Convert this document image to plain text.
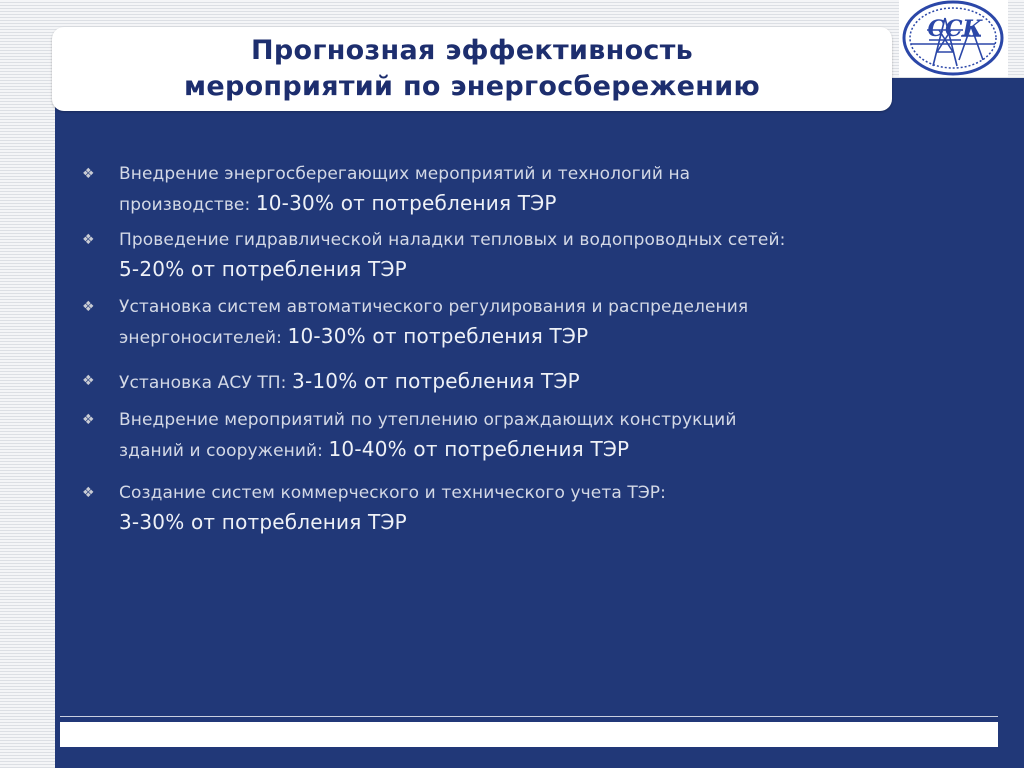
Прогнозная эффективность
мероприятий по энергосбережению
ССК
❖ Внедрение энергосберегающих мероприятий и технологий на
производстве: 10-30% от потребления ТЭР
❖ Проведение гидравлической наладки тепловых и водопроводных сетей:
5-20% от потребления ТЭР
❖ Установка систем автоматического регулирования и распределения
энергоносителей: 10-30% от потребления ТЭР
❖ Установка АСУ ТП: 3-10% от потребления ТЭР
❖ Внедрение мероприятий по утеплению ограждающих конструкций
зданий и сооружений: 10-40% от потребления ТЭР
❖ Создание систем коммерческого и технического учета ТЭР:
3-30% от потребления ТЭР
